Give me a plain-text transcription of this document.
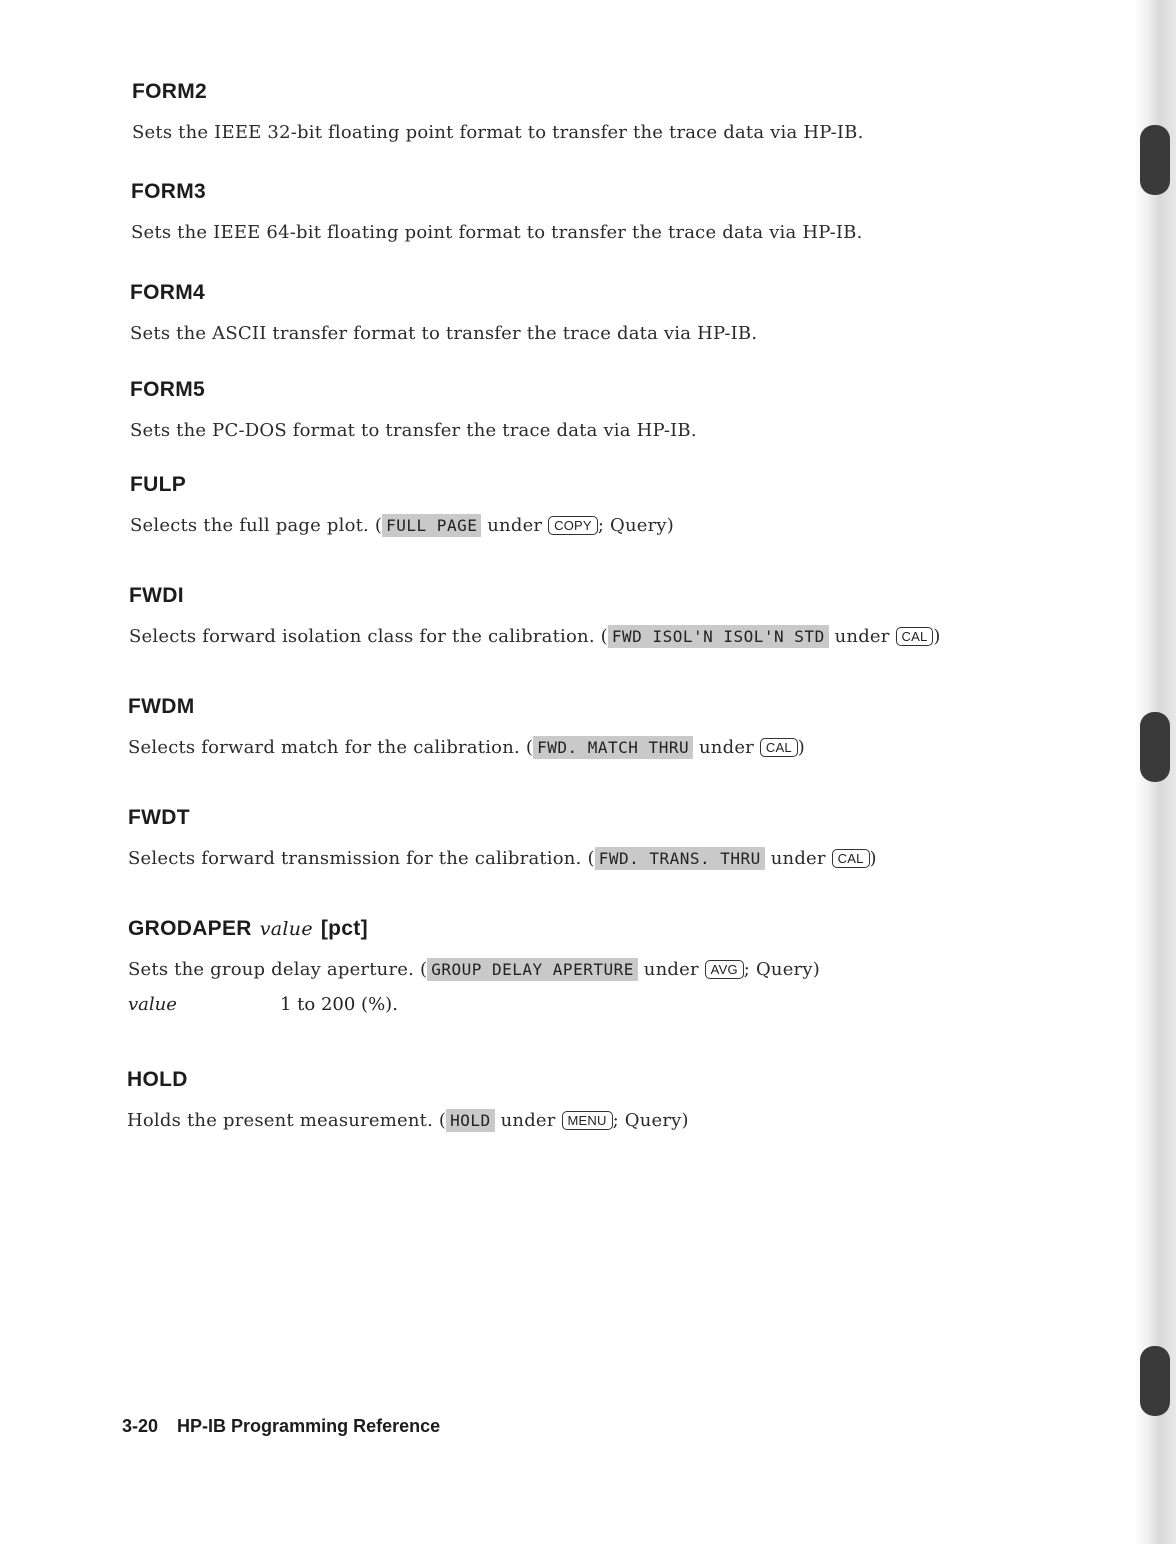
FORM2

Sets the IEEE 32-bit floating point format to transfer the trace data via HP-IB.

FORM3

Sets the IEEE 64-bit floating point format to transfer the trace data via HP-IB.

FORM4

Sets the ASCII transfer format to transfer the trace data via HP-IB.

FORM5

Sets the PC-DOS format to transfer the trace data via HP-IB.

FULP

Selects the full page plot. ( FULL PAGE under COPY ; Query)

FWDI

Selects forward isolation class for the calibration. ( FWD ISOL'N ISOL'N STD under CAL )

FWDM

Selects forward match for the calibration. ( FWD. MATCH THRU under CAL )

FWDT

Selects forward transmission for the calibration. ( FWD. TRANS. THRU under CAL )

GRODAPER value [pct]

Sets the group delay aperture. ( GROUP DELAY APERTURE under AVG ; Query)

value	1 to 200 (%).
HOLD

Holds the present measurement. ( HOLD under MENU ; Query)

3-20 HP-IB Programming Reference
